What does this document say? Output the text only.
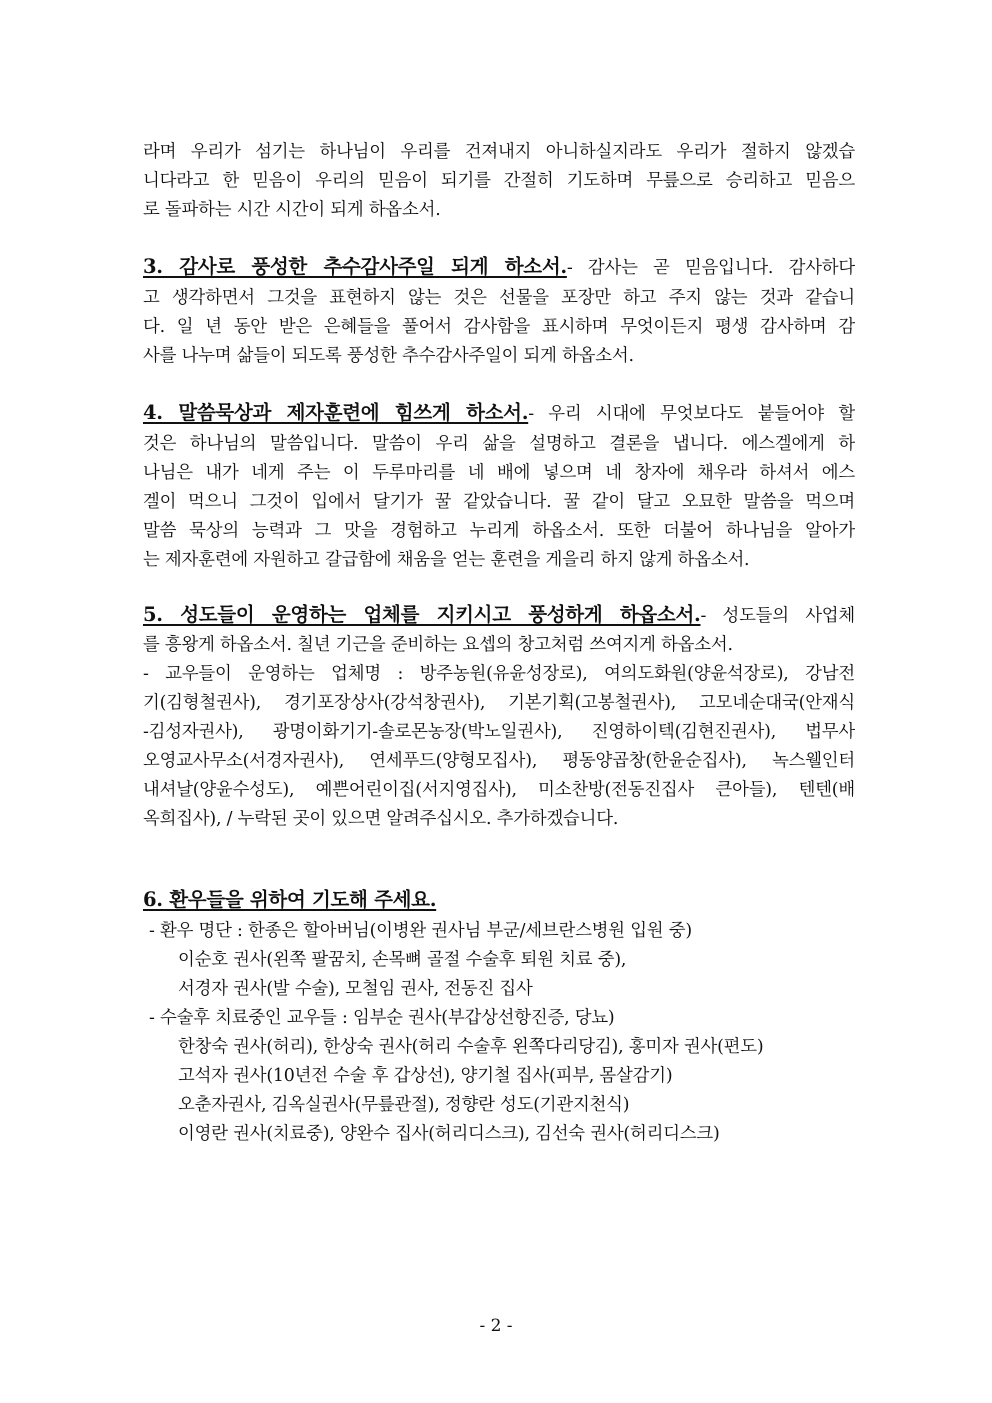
라며 우리가 섬기는 하나님이 우리를 건져내지 아니하실지라도 우리가 절하지 않겠습
니다라고 한 믿음이 우리의 믿음이 되기를 간절히 기도하며 무릎으로 승리하고 믿음으
로 돌파하는 시간 시간이 되게 하옵소서.
3. 감사로 풍성한 추수감사주일 되게 하소서.- 감사는 곧 믿음입니다. 감사하다
고 생각하면서 그것을 표현하지 않는 것은 선물을 포장만 하고 주지 않는 것과 같습니
다. 일 년 동안 받은 은혜들을 풀어서 감사함을 표시하며 무엇이든지 평생 감사하며 감
사를 나누며 삶들이 되도록 풍성한 추수감사주일이 되게 하옵소서.
4. 말씀묵상과 제자훈련에 힘쓰게 하소서.- 우리 시대에 무엇보다도 붙들어야 할
것은 하나님의 말씀입니다. 말씀이 우리 삶을 설명하고 결론을 냅니다. 에스겔에게 하
나님은 내가 네게 주는 이 두루마리를 네 배에 넣으며 네 창자에 채우라 하셔서 에스
겔이 먹으니 그것이 입에서 달기가 꿀 같았습니다. 꿀 같이 달고 오묘한 말씀을 먹으며
말씀 묵상의 능력과 그 맛을 경험하고 누리게 하옵소서. 또한 더불어 하나님을 알아가
는 제자훈련에 자원하고 갈급함에 채움을 얻는 훈련을 게을리 하지 않게 하옵소서.
5. 성도들이 운영하는 업체를 지키시고 풍성하게 하옵소서.- 성도들의 사업체
를 흥왕게 하옵소서. 칠년 기근을 준비하는 요셉의 창고처럼 쓰여지게 하옵소서.
- 교우들이 운영하는 업체명 : 방주농원(유윤성장로), 여의도화원(양윤석장로), 강남전
기(김형철권사), 경기포장상사(강석창권사), 기본기획(고봉철권사), 고모네순대국(안재식
-김성자권사), 광명이화기기-솔로몬농장(박노일권사), 진영하이텍(김현진권사), 법무사
오영교사무소(서경자권사), 연세푸드(양형모집사), 평동양곱창(한윤순집사), 녹스웰인터
내셔날(양윤수성도), 예쁜어린이집(서지영집사), 미소찬방(전동진집사 큰아들), 텐텐(배
옥희집사), / 누락된 곳이 있으면 알려주십시오. 추가하겠습니다.
6. 환우들을 위하여 기도해 주세요.
- 환우 명단 : 한종은 할아버님(이병완 권사님 부군/세브란스병원 입원 중)
이순호 권사(왼쪽 팔꿈치, 손목뼈 골절 수술후 퇴원 치료 중),
서경자 권사(발 수술), 모철임 권사, 전동진 집사
- 수술후 치료중인 교우들 : 임부순 권사(부갑상선항진증, 당뇨)
한창숙 권사(허리), 한상숙 권사(허리 수술후 왼쪽다리당김), 홍미자 권사(편도)
고석자 권사(10년전 수술 후 갑상선), 양기철 집사(피부, 몸살감기)
오춘자권사, 김옥실권사(무릎관절), 정향란 성도(기관지천식)
이영란 권사(치료중), 양완수 집사(허리디스크), 김선숙 권사(허리디스크)
- 2 -
